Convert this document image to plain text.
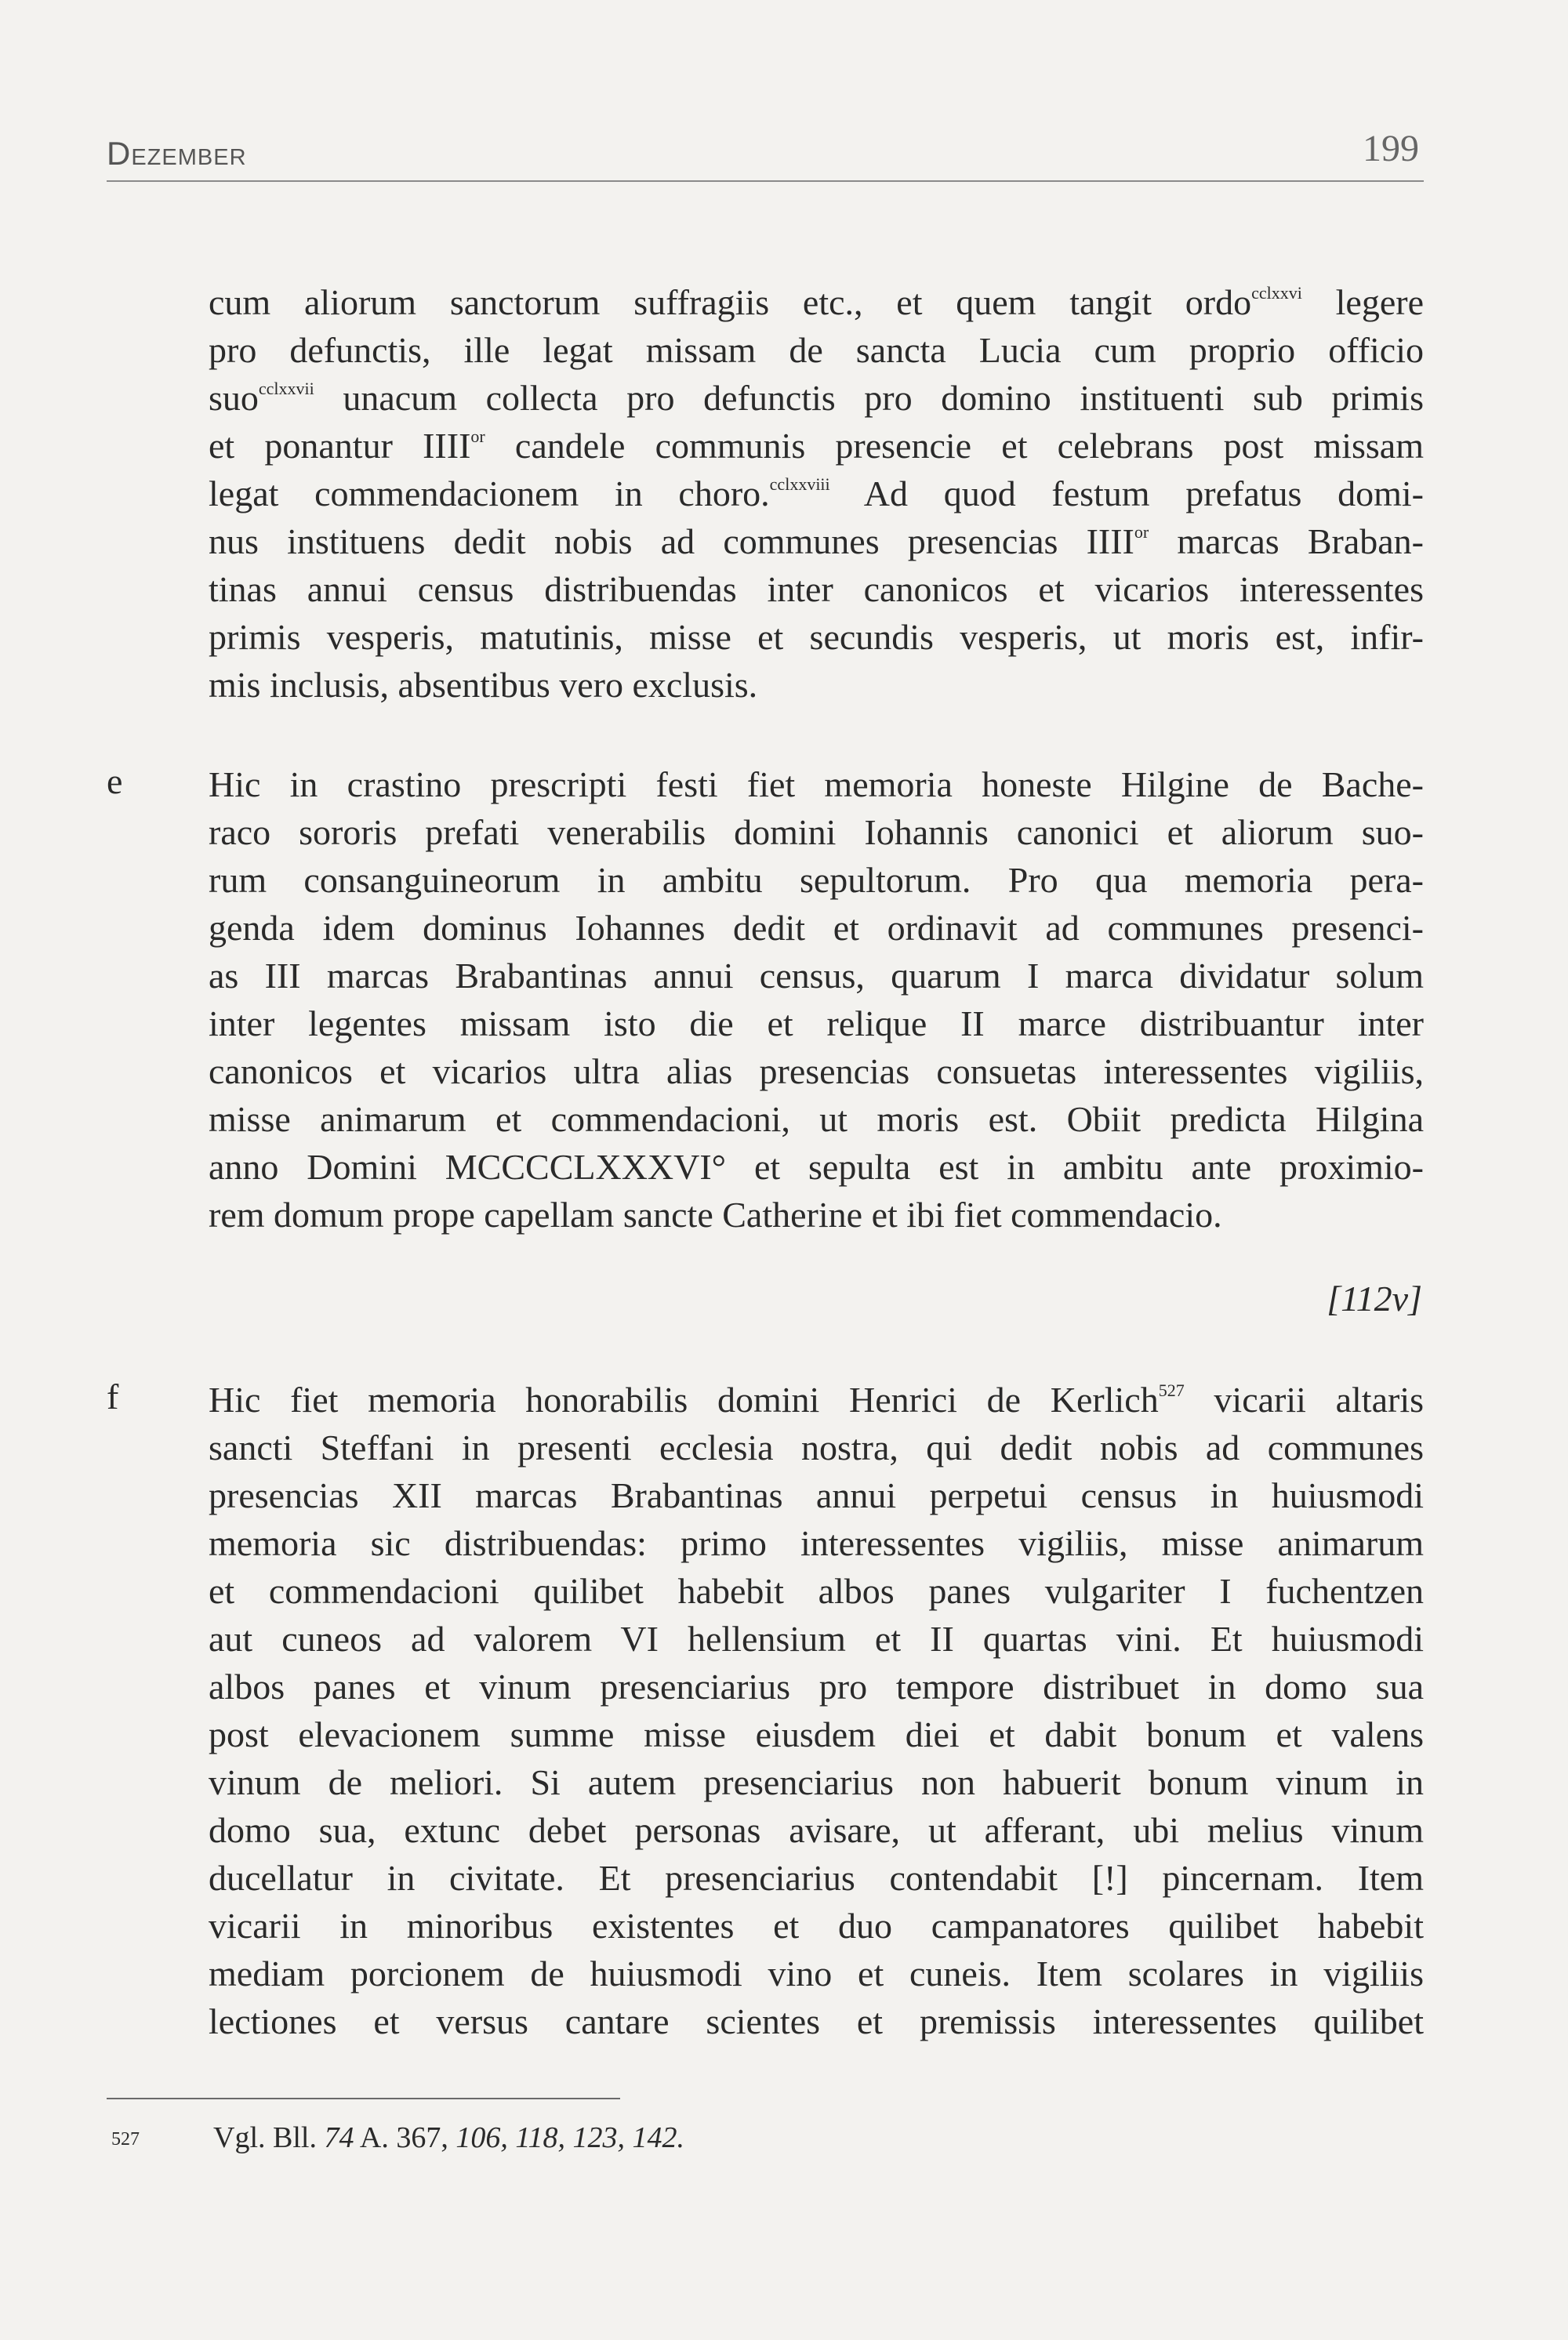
Dezember	199
cum aliorum sanctorum suffragiis etc., et quem tangit ordo$^{cclxxvi}$ legere
pro defunctis, ille legat missam de sancta Lucia cum proprio officio
suo$^{cclxxvii}$ unacum collecta pro defunctis pro domino instituenti sub primis
et ponantur $IIII^{or}$ candele communis presencie et celebrans post missam
legat commendacionem in choro.$^{cclxxviii}$ Ad quod festum prefatus domi-
nus instituens dedit nobis ad communes presencias $IIII^{or}$ marcas Braban-
tinas annui census distribuendas inter canonicos et vicarios interessentes
primis vesperis, matutinis, misse et secundis vesperis, ut moris est, infir-
mis inclusis, absentibus vero exclusis.
e Hic in crastino prescripti festi fiet memoria honeste Hilgine de Bache-
raco sororis prefati venerabilis domini Iohannis canonici et aliorum suo-
rum consanguineorum in ambitu sepultorum. Pro qua memoria pera-
genda idem dominus Iohannes dedit et ordinavit ad communes presenci-
as III marcas Brabantinas annui census, quarum I marca dividatur solum
inter legentes missam isto die et relique II marce distribuantur inter
canonicos et vicarios ultra alias presencias consuetas interessentes vigiliis,
misse animarum et commendacioni, ut moris est. Obiit predicta Hilgina
anno Domini MCCCCLXXXVI° et sepulta est in ambitu ante proximio-
rem domum prope capellam sancte Catherine et ibi fiet commendacio.
[112v]
f Hic fiet memoria honorabilis domini Henrici de Kerlich$^{527}$ vicarii altaris
sancti Steffani in presenti ecclesia nostra, qui dedit nobis ad communes
presencias XII marcas Brabantinas annui perpetui census in huiusmodi
memoria sic distribuendas: primo interessentes vigiliis, misse animarum
et commendacioni quilibet habebit albos panes vulgariter I fuchentzen
aut cuneos ad valorem VI hellensium et II quartas vini. Et huiusmodi
albos panes et vinum presenciarius pro tempore distribuet in domo sua
post elevacionem summe misse eiusdem diei et dabit bonum et valens
vinum de meliori. Si autem presenciarius non habuerit bonum vinum in
domo sua, extunc debet personas avisare, ut afferant, ubi melius vinum
ducellatur in civitate. Et presenciarius contendabit [!] pincernam. Item
vicarii in minoribus existentes et duo campanatores quilibet habebit
mediam porcionem de huiusmodi vino et cuneis. Item scolares in vigiliis
lectiones et versus cantare scientes et premissis interessentes quilibet
527 Vgl. Bll. 74 A. 367, 106, 118, 123, 142.
